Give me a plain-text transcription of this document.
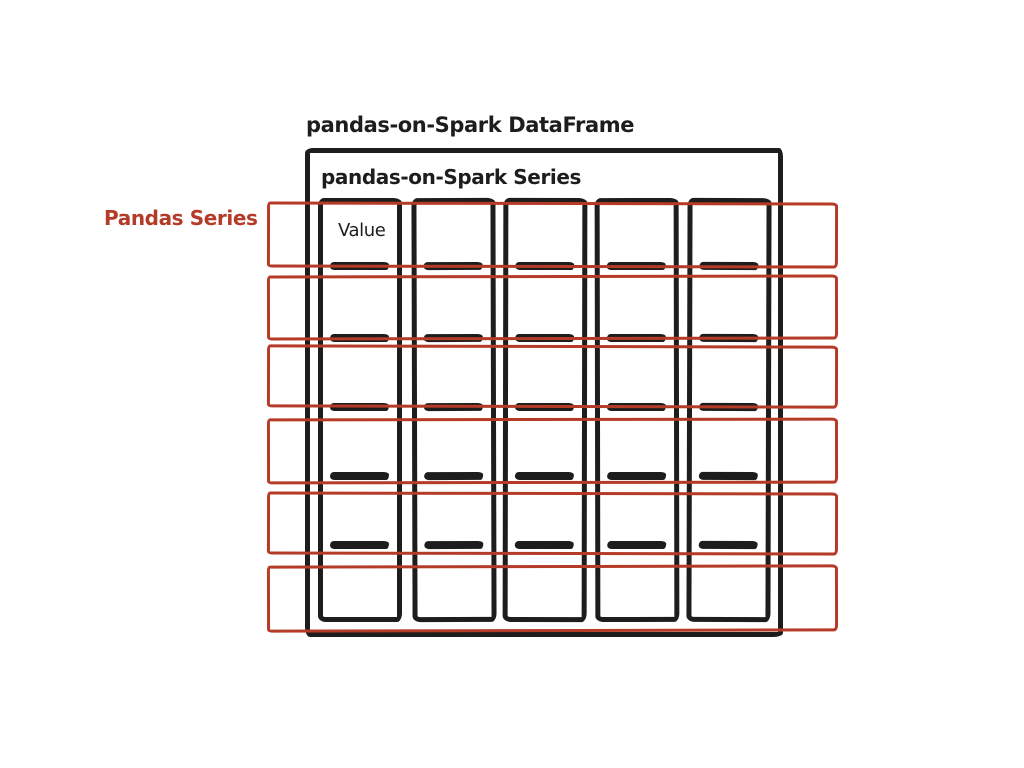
pandas-on-Spark DataFrame
Pandas Series
pandas-on-Spark Series
Value
